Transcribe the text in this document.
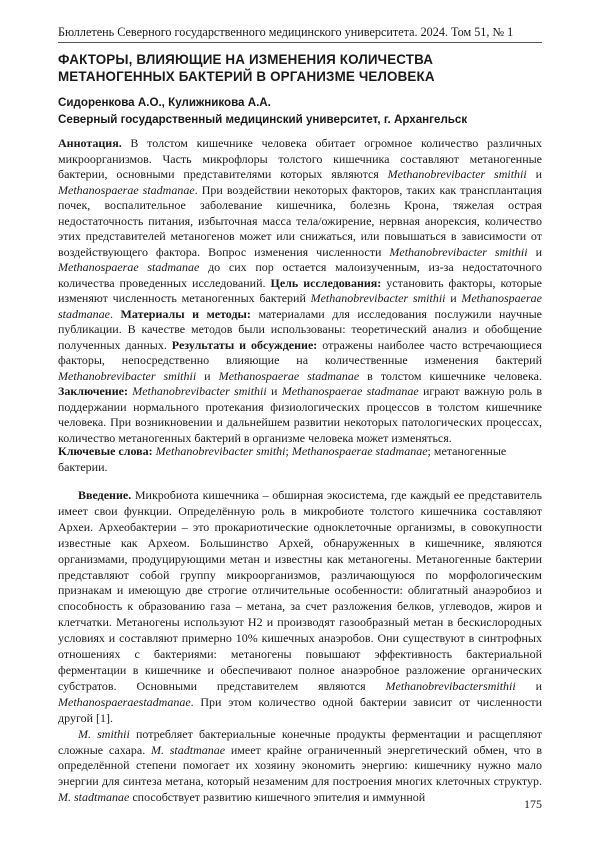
Бюллетень Северного государственного медицинского университета. 2024. Том 51, № 1
ФАКТОРЫ, ВЛИЯЮЩИЕ НА ИЗМЕНЕНИЯ КОЛИЧЕСТВА МЕТАНОГЕННЫХ БАКТЕРИЙ В ОРГАНИЗМЕ ЧЕЛОВЕКА
Сидоренкова А.О., Кулижникова А.А.
Северный государственный медицинский университет, г. Архангельск

Аннотация. В толстом кишечнике человека обитает огромное количество различных микроорганизмов. Часть микрофлоры толстого кишечника составляют метаногенные бактерии, основными представителями которых являются Methanobrevibacter smithii и Methanospaerae stadmanae. При воздействии некоторых факторов, таких как трансплантация почек, воспалительное заболевание кишечника, болезнь Крона, тяжелая острая недостаточность питания, избыточная масса тела/ожирение, нервная анорексия, количество этих представителей метаногенов может или снижаться, или повышаться в зависимости от воздействующего фактора. Вопрос изменения численности Methanobrevibacter smithii и Methanospaerae stadmanae до сих пор остается малоизученным, из-за недостаточного количества проведенных исследований. Цель исследования: установить факторы, которые изменяют численность метаногенных бактерий Methanobrevibacter smithii и Methanospaerae stadmanae. Материалы и методы: материалами для исследования послужили научные публикации. В качестве методов были использованы: теоретический анализ и обобщение полученных данных. Результаты и обсуждение: отражены наиболее часто встречающиеся факторы, непосредственно влияющие на количественные изменения бактерий Methanobrevibacter smithii и Methanospaerae stadmanae в толстом кишечнике человека. Заключение: Methanobrevibacter smithii и Methanospaerae stadmanae играют важную роль в поддержании нормального протекания физиологических процессов в толстом кишечнике человека. При возникновении и дальнейшем развитии некоторых патологических процессах, количество метаногенных бактерий в организме человека может изменяться.

Ключевые слова: Methanobrevibacter smithi; Methanospaerae stadmanae; метаногенные бактерии.

Введение. Микробиота кишечника – обширная экосистема, где каждый ее представитель имеет свои функции. Определённую роль в микробиоте толстого кишечника составляют Археи. Археобактерии – это прокариотические одноклеточные организмы, в совокупности известные как Археом. Большинство Архей, обнаруженных в кишечнике, являются организмами, продуцирующими метан и известны как метаногены. Метаногенные бактерии представляют собой группу микроорганизмов, различающуюся по морфологическим признакам и имеющую две строгие отличительные особенности: облигатный анаэробиоз и способность к образованию газа – метана, за счет разложения белков, углеводов, жиров и клетчатки. Метаногены используют H2 и производят газообразный метан в бескислородных условиях и составляют примерно 10% кишечных анаэробов. Они существуют в синтрофных отношениях с бактериями: метаногены повышают эффективность бактериальной ферментации в кишечнике и обеспечивают полное анаэробное разложение органических субстратов. Основными представителем являются Methanobrevibactersmithii и Methanospaeraestadmanae. При этом количество одной бактерии зависит от численности другой [1].

M. smithii потребляет бактериальные конечные продукты ферментации и расщепляют сложные сахара. M. stadtmanae имеет крайне ограниченный энергетический обмен, что в определённой степени помогает их хозяину экономить энергию: кишечнику нужно мало энергии для синтеза метана, который незаменим для построения многих клеточных структур. M. stadtmanae способствует развитию кишечного эпителия и иммунной	175
